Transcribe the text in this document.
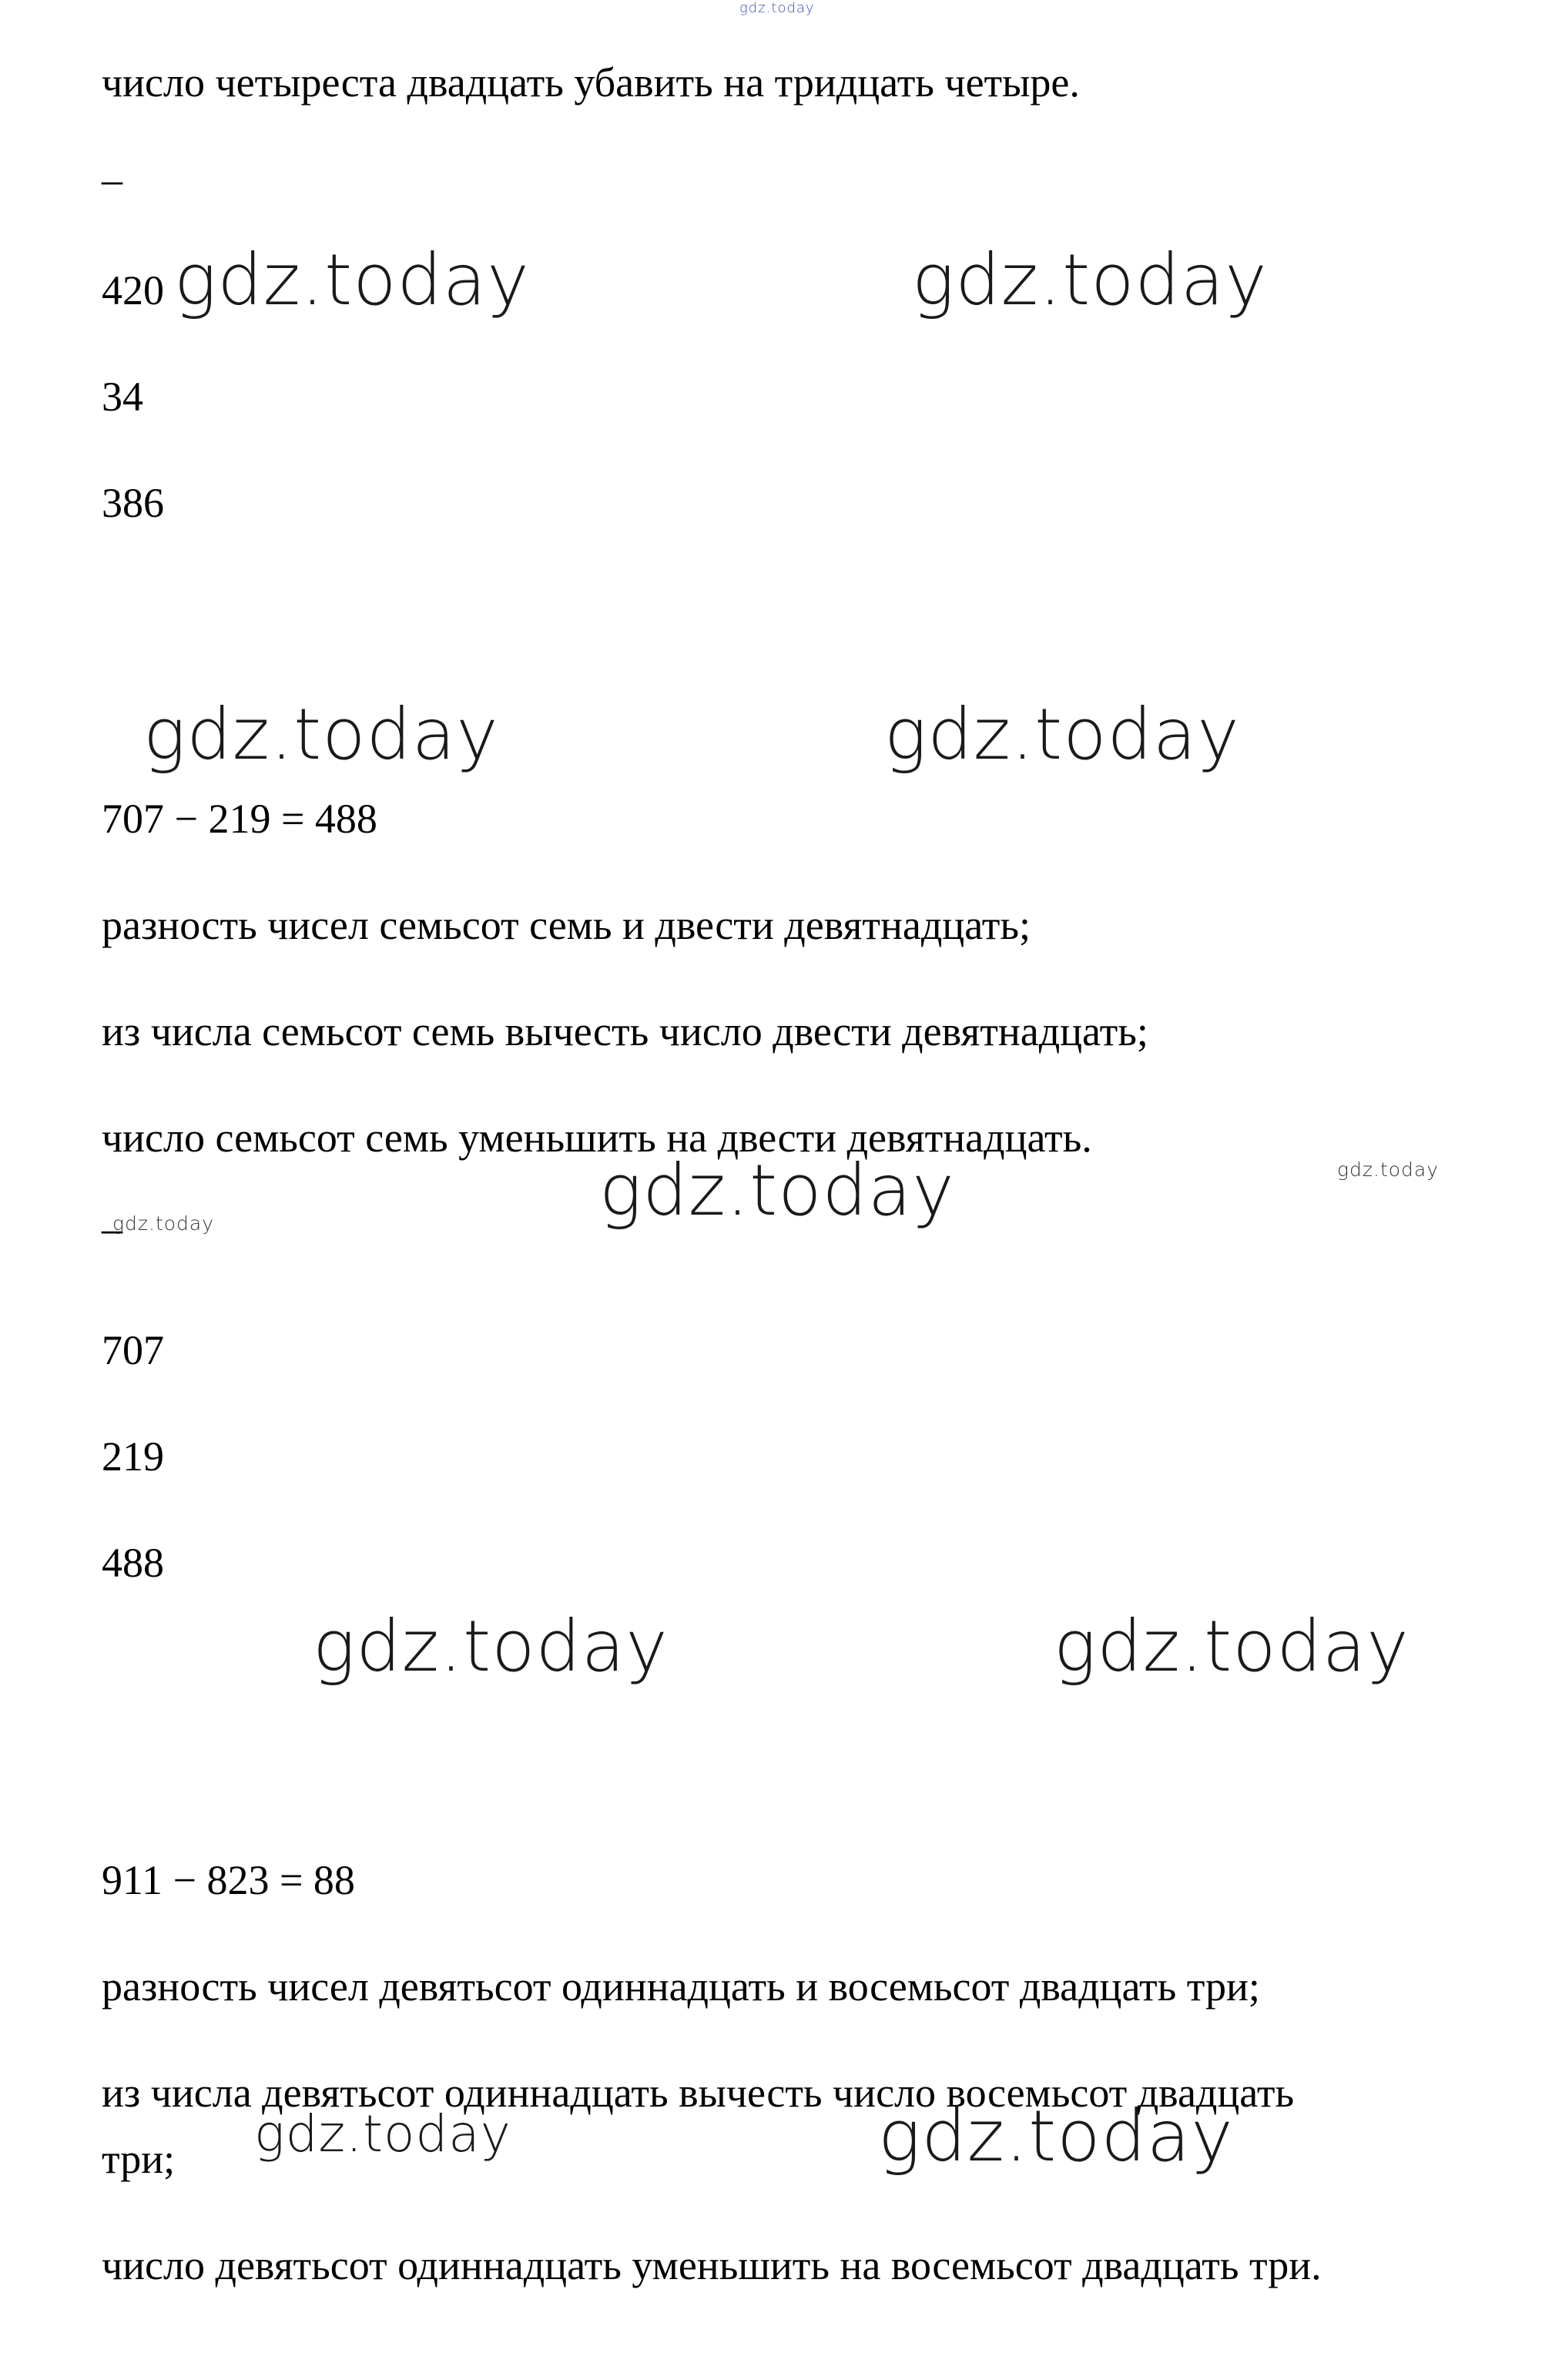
число четыреста двадцать убавить на тридцать четыре.

–

420

34

386

707 − 219 = 488

разность чисел семьсот семь и двести девятнадцать;

из числа семьсот семь вычесть число двести девятнадцать;

число семьсот семь уменьшить на двести девятнадцать.

–

707

219

488

911 − 823 = 88

разность чисел девятьсот одиннадцать и восемьсот двадцать три;

из числа девятьсот одиннадцать вычесть число восемьсот двадцать

три;

число девятьсот одиннадцать уменьшить на восемьсот двадцать три.

gdz.today
gdz.today	gdz.today
gdz.today	gdz.today
gdz.today
gdz.today
gdz.today
gdz.today	gdz.today
gdz.today	gdz.today
